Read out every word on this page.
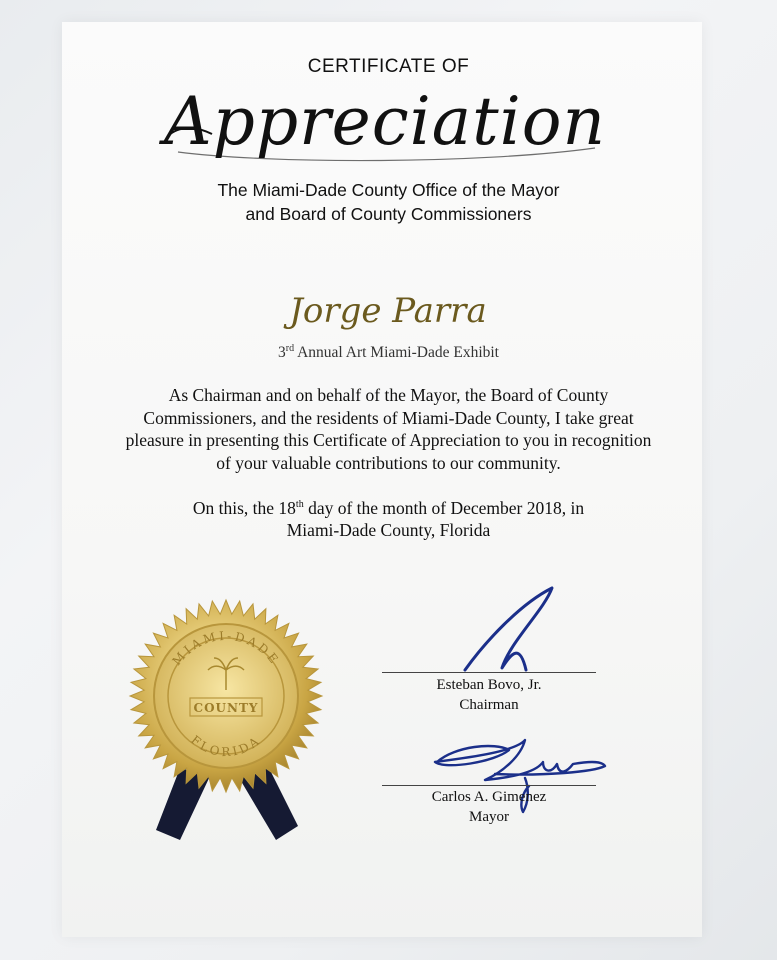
CERTIFICATE OF
Appreciation
The Miami-Dade County Office of the Mayor
and Board of County Commissioners
Jorge Parra
3rd Annual Art Miami-Dade Exhibit
As Chairman and on behalf of the Mayor, the Board of County
Commissioners, and the residents of Miami-Dade County, I take great
pleasure in presenting this Certificate of Appreciation to you in recognition
of your valuable contributions to our community.
On this, the 18th day of the month of December 2018, in
Miami-Dade County, Florida
MIAMI-DADE
FLORIDA
COUNTY
Esteban Bovo, Jr.
Chairman
Carlos A. Gimenez
Mayor
